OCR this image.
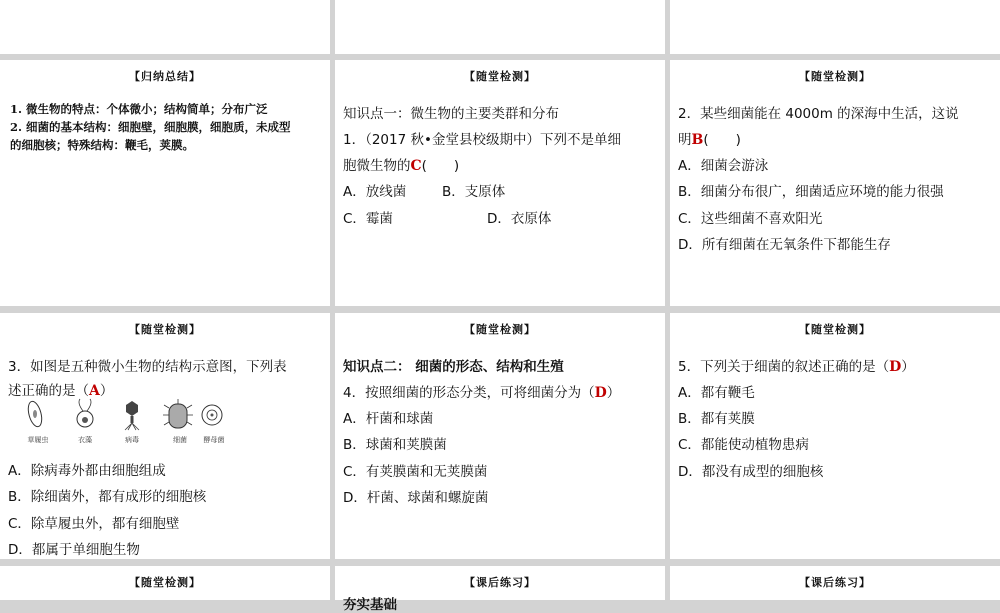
【归纳总结】
1. 微生物的特点：个体微小；结构简单；分布广泛
2. 细菌的基本结构：细胞壁，细胞膜，细胞质，未成型
的细胞核；特殊结构：鞭毛，荚膜。
【随堂检测】
知识点一：微生物的主要类群和分布
1．（2017 秋•金堂县校级期中）下列不是单细
胞微生物的C(　　)
A．放线菌	B．支原体
C．霉菌	D．衣原体
【随堂检测】
2．某些细菌能在 4000m 的深海中生活，这说
明B(　　)
A．细菌会游泳
B．细菌分布很广，细菌适应环境的能力很强
C．这些细菌不喜欢阳光
D．所有细菌在无氧条件下都能生存
【随堂检测】
3．如图是五种微小生物的结构示意图，下列表
述正确的是（A）
草履虫	衣藻	病毒	细菌	酵母菌
A．除病毒外都由细胞组成
B．除细菌外，都有成形的细胞核
C．除草履虫外，都有细胞壁
D．都属于单细胞生物
【随堂检测】
知识点二： 细菌的形态、结构和生殖
4．按照细菌的形态分类，可将细菌分为（D）
A．杆菌和球菌
B．球菌和荚膜菌
C．有荚膜菌和无荚膜菌
D．杆菌、球菌和螺旋菌
【随堂检测】
5．下列关于细菌的叙述正确的是（D）
A．都有鞭毛
B．都有荚膜
C．都能使动植物患病
D．都没有成型的细胞核
【随堂检测】	【课后练习】
夯实基础
【课后练习】
